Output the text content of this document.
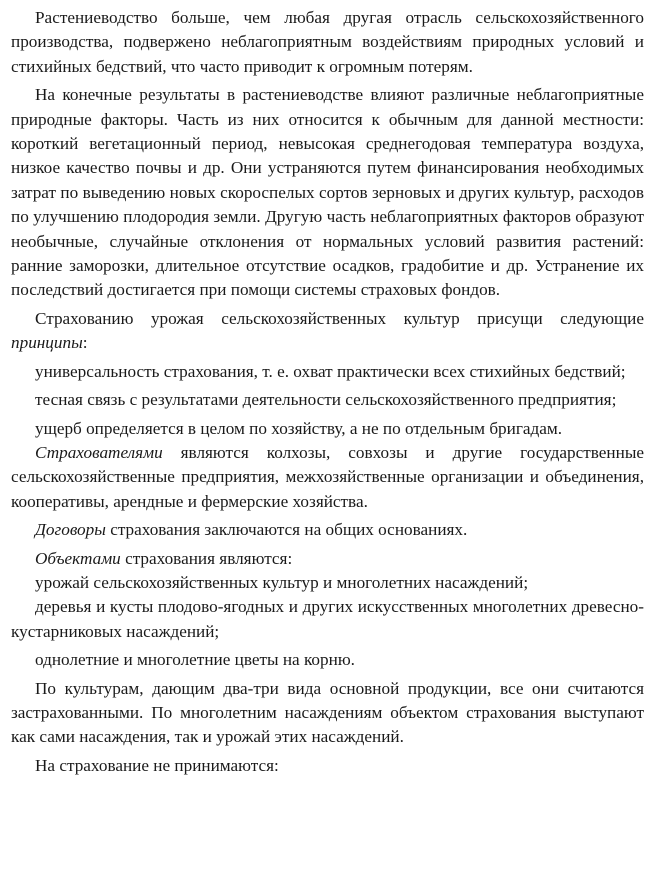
Растениеводство больше, чем любая другая отрасль сельскохозяйственного производства, подвержено неблагоприятным воздействиям природных условий и стихийных бедствий, что часто приводит к огромным потерям.

На конечные результаты в растениеводстве влияют различные неблагоприятные природные факторы. Часть из них относится к обычным для данной местности: короткий вегетационный период, невысокая среднегодовая температура воздуха, низкое качество почвы и др. Они устраняются путем финансирования необходимых затрат по выведению новых скороспелых сортов зерновых и других культур, расходов по улучшению плодородия земли. Другую часть неблагоприятных факторов образуют необычные, случайные отклонения от нормальных условий развития растений: ранние заморозки, длительное отсутствие осадков, градобитие и др. Устранение их последствий достигается при помощи системы страховых фондов.

Страхованию урожая сельскохозяйственных культур присущи следующие принципы:

универсальность страхования, т. е. охват практически всех стихийных бедствий;

тесная связь с результатами деятельности сельскохозяйственного предприятия;

ущерб определяется в целом по хозяйству, а не по отдельным бригадам.

Страхователями являются колхозы, совхозы и другие государственные сельскохозяйственные предприятия, межхозяйственные организации и объединения, кооперативы, арендные и фермерские хозяйства.

Договоры страхования заключаются на общих основаниях.

Объектами страхования являются:

урожай сельскохозяйственных культур и многолетних насаждений;

деревья и кусты плодово-ягодных и других искусственных многолетних древесно-кустарниковых насаждений;

однолетние и многолетние цветы на корню.

По культурам, дающим два-три вида основной продукции, все они считаются застрахованными. По многолетним насаждениям объектом страхования выступают как сами насаждения, так и урожай этих насаждений.

На страхование не принимаются:
